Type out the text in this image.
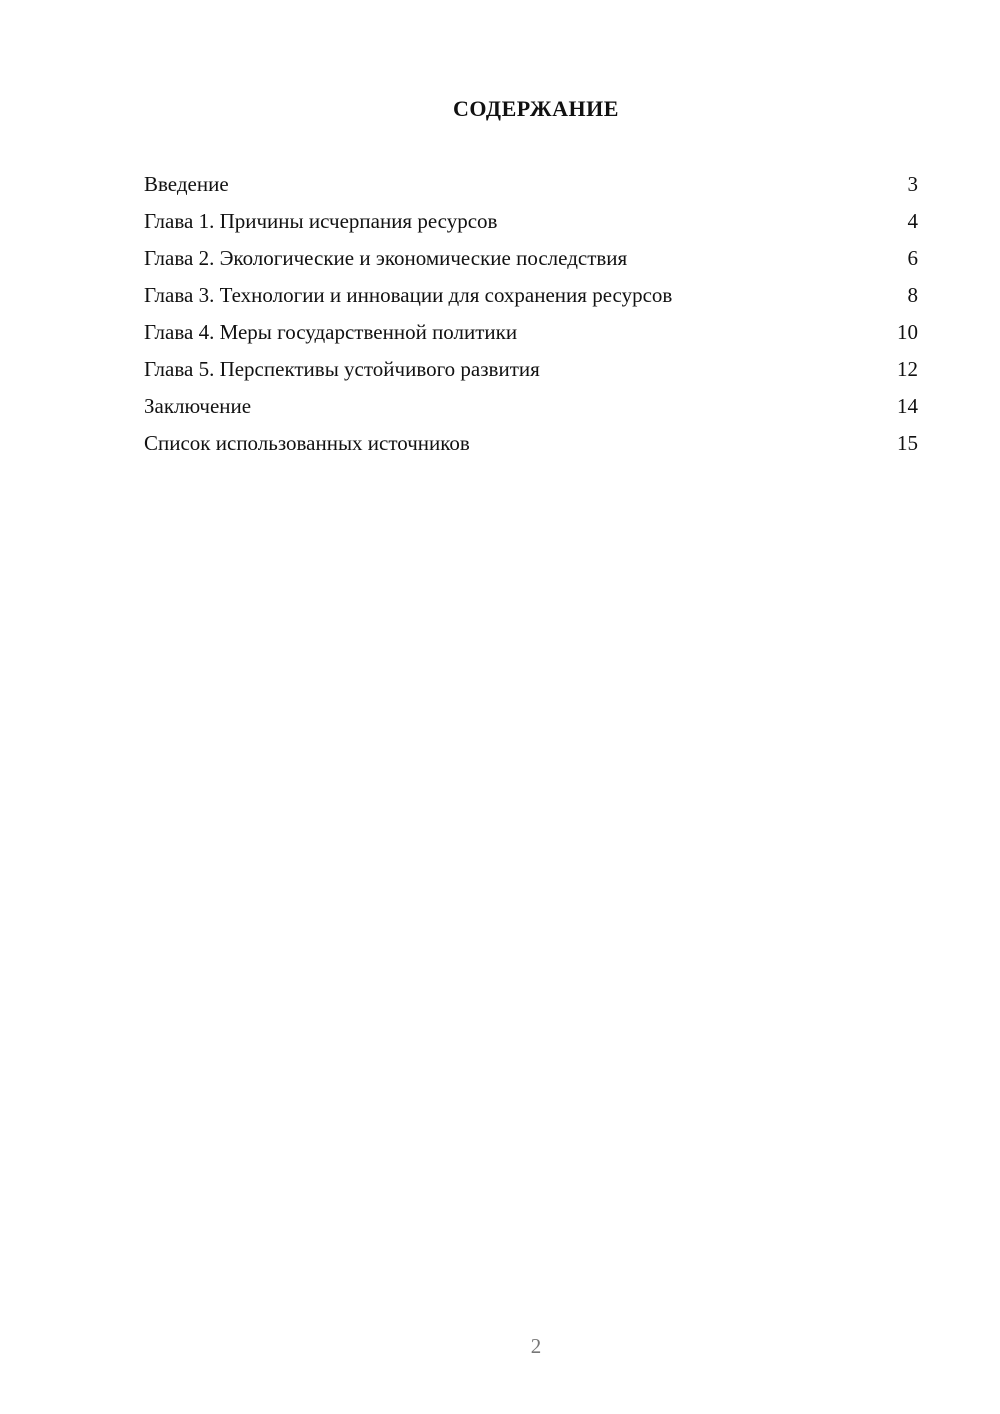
СОДЕРЖАНИЕ
Введение	3
Глава 1. Причины исчерпания ресурсов	4
Глава 2. Экологические и экономические последствия	6
Глава 3. Технологии и инновации для сохранения ресурсов	8
Глава 4. Меры государственной политики	10
Глава 5. Перспективы устойчивого развития	12
Заключение	14
Список использованных источников	15
2
